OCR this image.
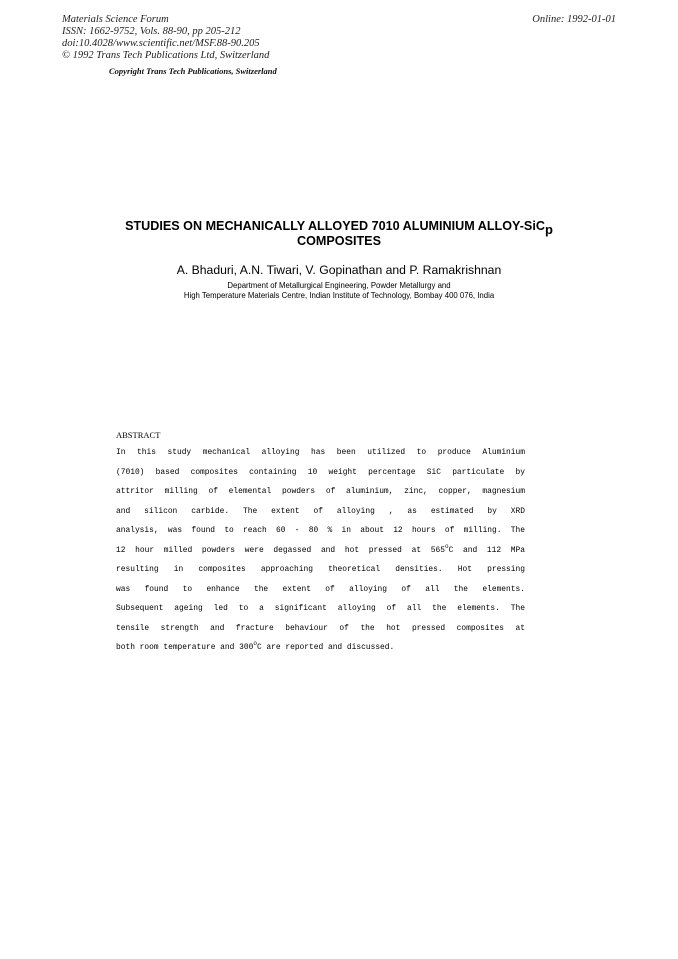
Materials Science Forum
ISSN: 1662-9752, Vols. 88-90, pp 205-212
doi:10.4028/www.scientific.net/MSF.88-90.205
© 1992 Trans Tech Publications Ltd, Switzerland
Online: 1992-01-01
Copyright Trans Tech Publications, Switzerland
STUDIES ON MECHANICALLY ALLOYED 7010 ALUMINIUM ALLOY-SiC$_p$
COMPOSITES
A. Bhaduri, A.N. Tiwari, V. Gopinathan and P. Ramakrishnan
Department of Metallurgical Engineering, Powder Metallurgy and
High Temperature Materials Centre, Indian Institute of Technology, Bombay 400 076, India
ABSTRACT
In this study mechanical alloying has been utilized to produce Aluminium
(7010) based composites containing 10 weight percentage SiC particulate by
attritor milling of elemental powders of aluminium, zinc, copper, magnesium
and silicon carbide. The extent of alloying , as estimated by XRD
analysis, was found to reach 60 - 80 % in about 12 hours of milling. The
12 hour milled powders were degassed and hot pressed at 565$^o$C and 112 MPa
resulting in composites approaching theoretical densities. Hot pressing
was found to enhance the extent of alloying of all the elements.
Subsequent ageing led to a significant alloying of all the elements. The
tensile strength and fracture behaviour of the hot pressed composites at
both room temperature and 300$^o$C are reported and discussed.
